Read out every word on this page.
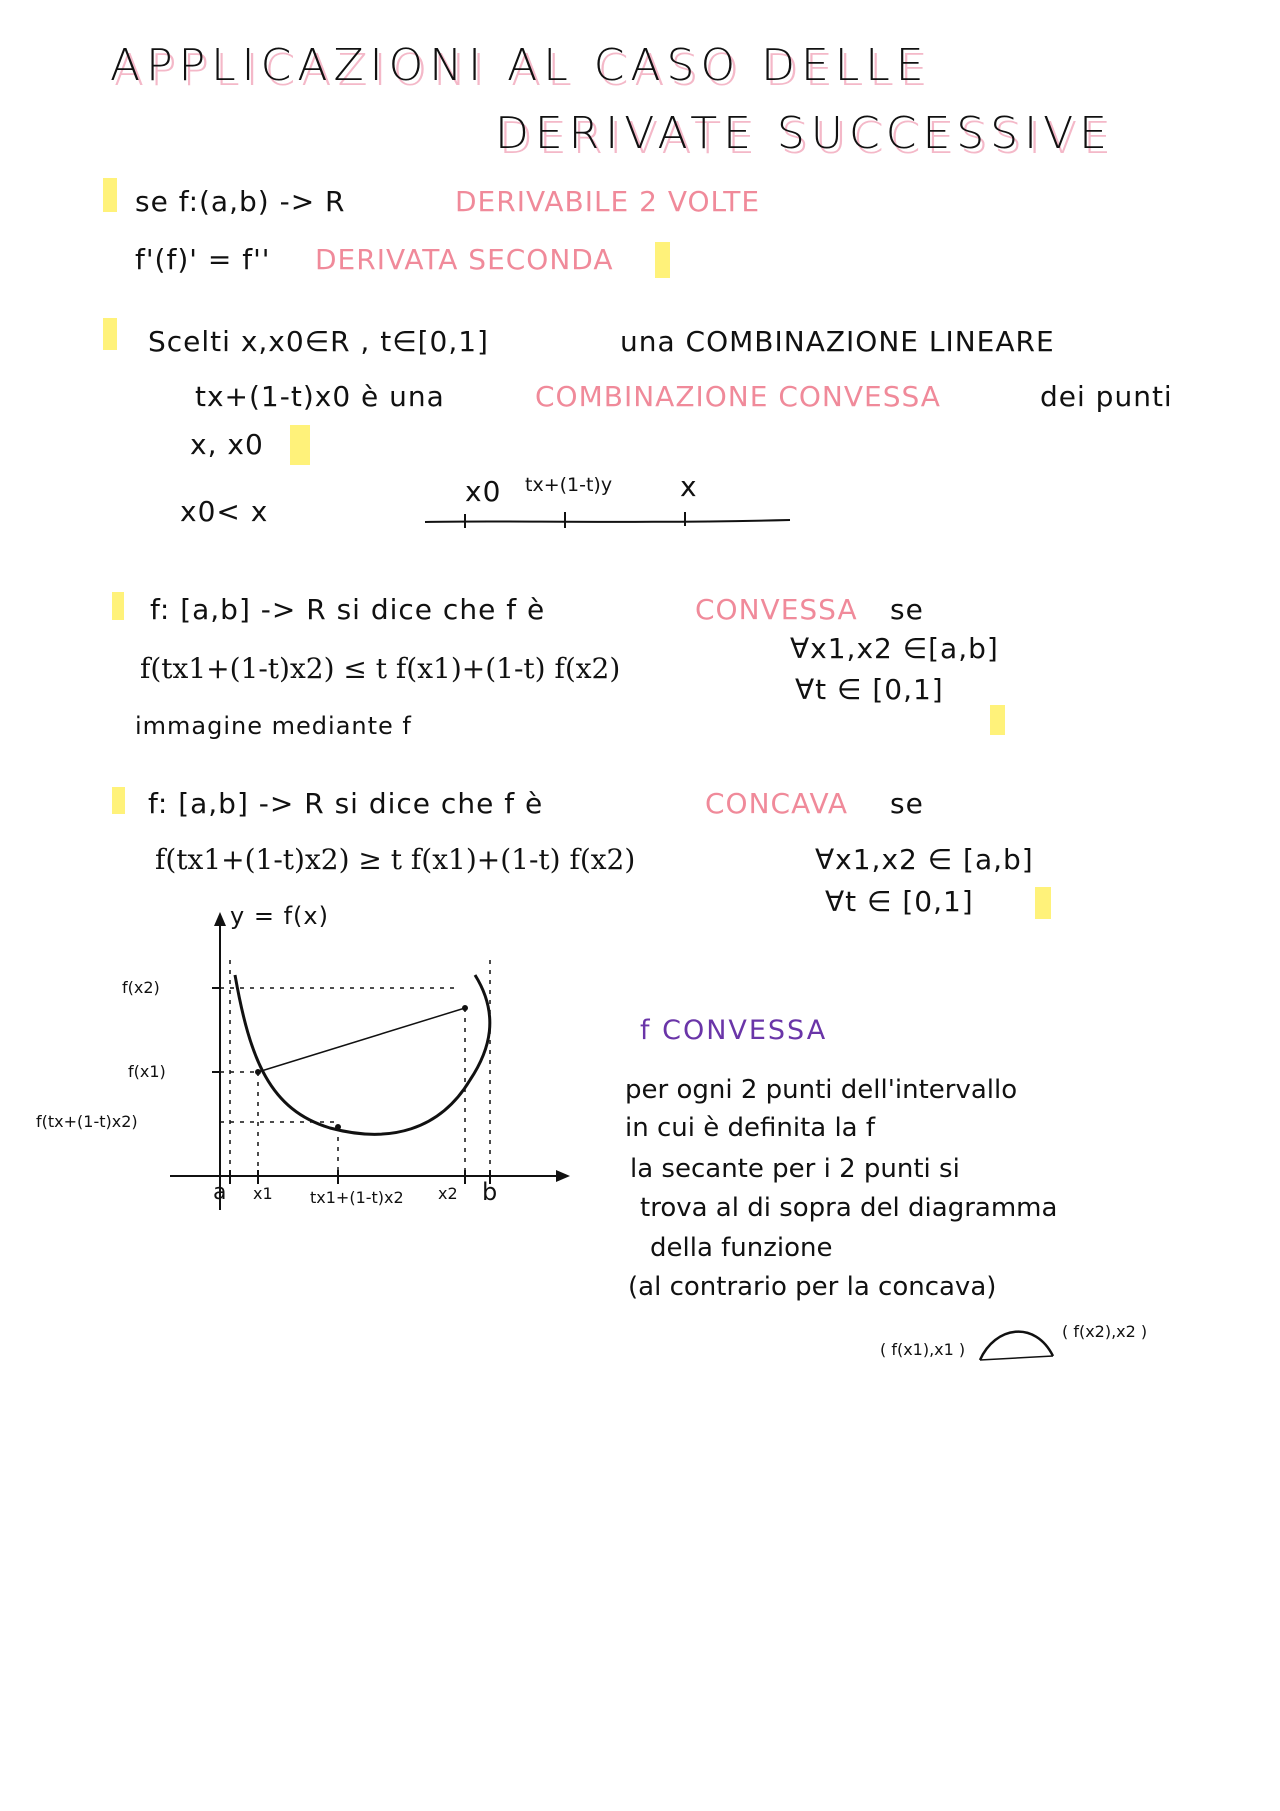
APPLICAZIONI AL CASO DELLE
DERIVATE SUCCESSIVE
se f:(a,b) -> R	DERIVABILE 2 VOLTE
f'(f)' = f'' DERIVATA SECONDA
Scelti x,x0∈R , t∈[0,1]	una COMBINAZIONE LINEARE
tx+(1-t)x0 è una	COMBINAZIONE CONVESSA	dei punti
x, x0
x0< x
x0 tx+(1-t)y x
f: [a,b] -> R si dice che f è	CONVESSA se
f(tx1+(1-t)x2) ≤ t f(x1)+(1-t) f(x2)
∀x1,x2 ∈[a,b]
∀t ∈ [0,1]
immagine mediante f
f: [a,b] -> R si dice che f è	CONCAVA se
f(tx1+(1-t)x2) ≥ t f(x1)+(1-t) f(x2)	∀x1,x2 ∈ [a,b]
∀t ∈ [0,1]
y = f(x)
f(x2)
f(x1)
f(tx+(1-t)x2)
a x1 tx1+(1-t)x2 x2 b
f CONVESSA
per ogni 2 punti dell'intervallo
in cui è definita la f
la secante per i 2 punti si
trova al di sopra del diagramma
della funzione
(al contrario per la concava)
( f(x1),x1 )
( f(x2),x2 )
